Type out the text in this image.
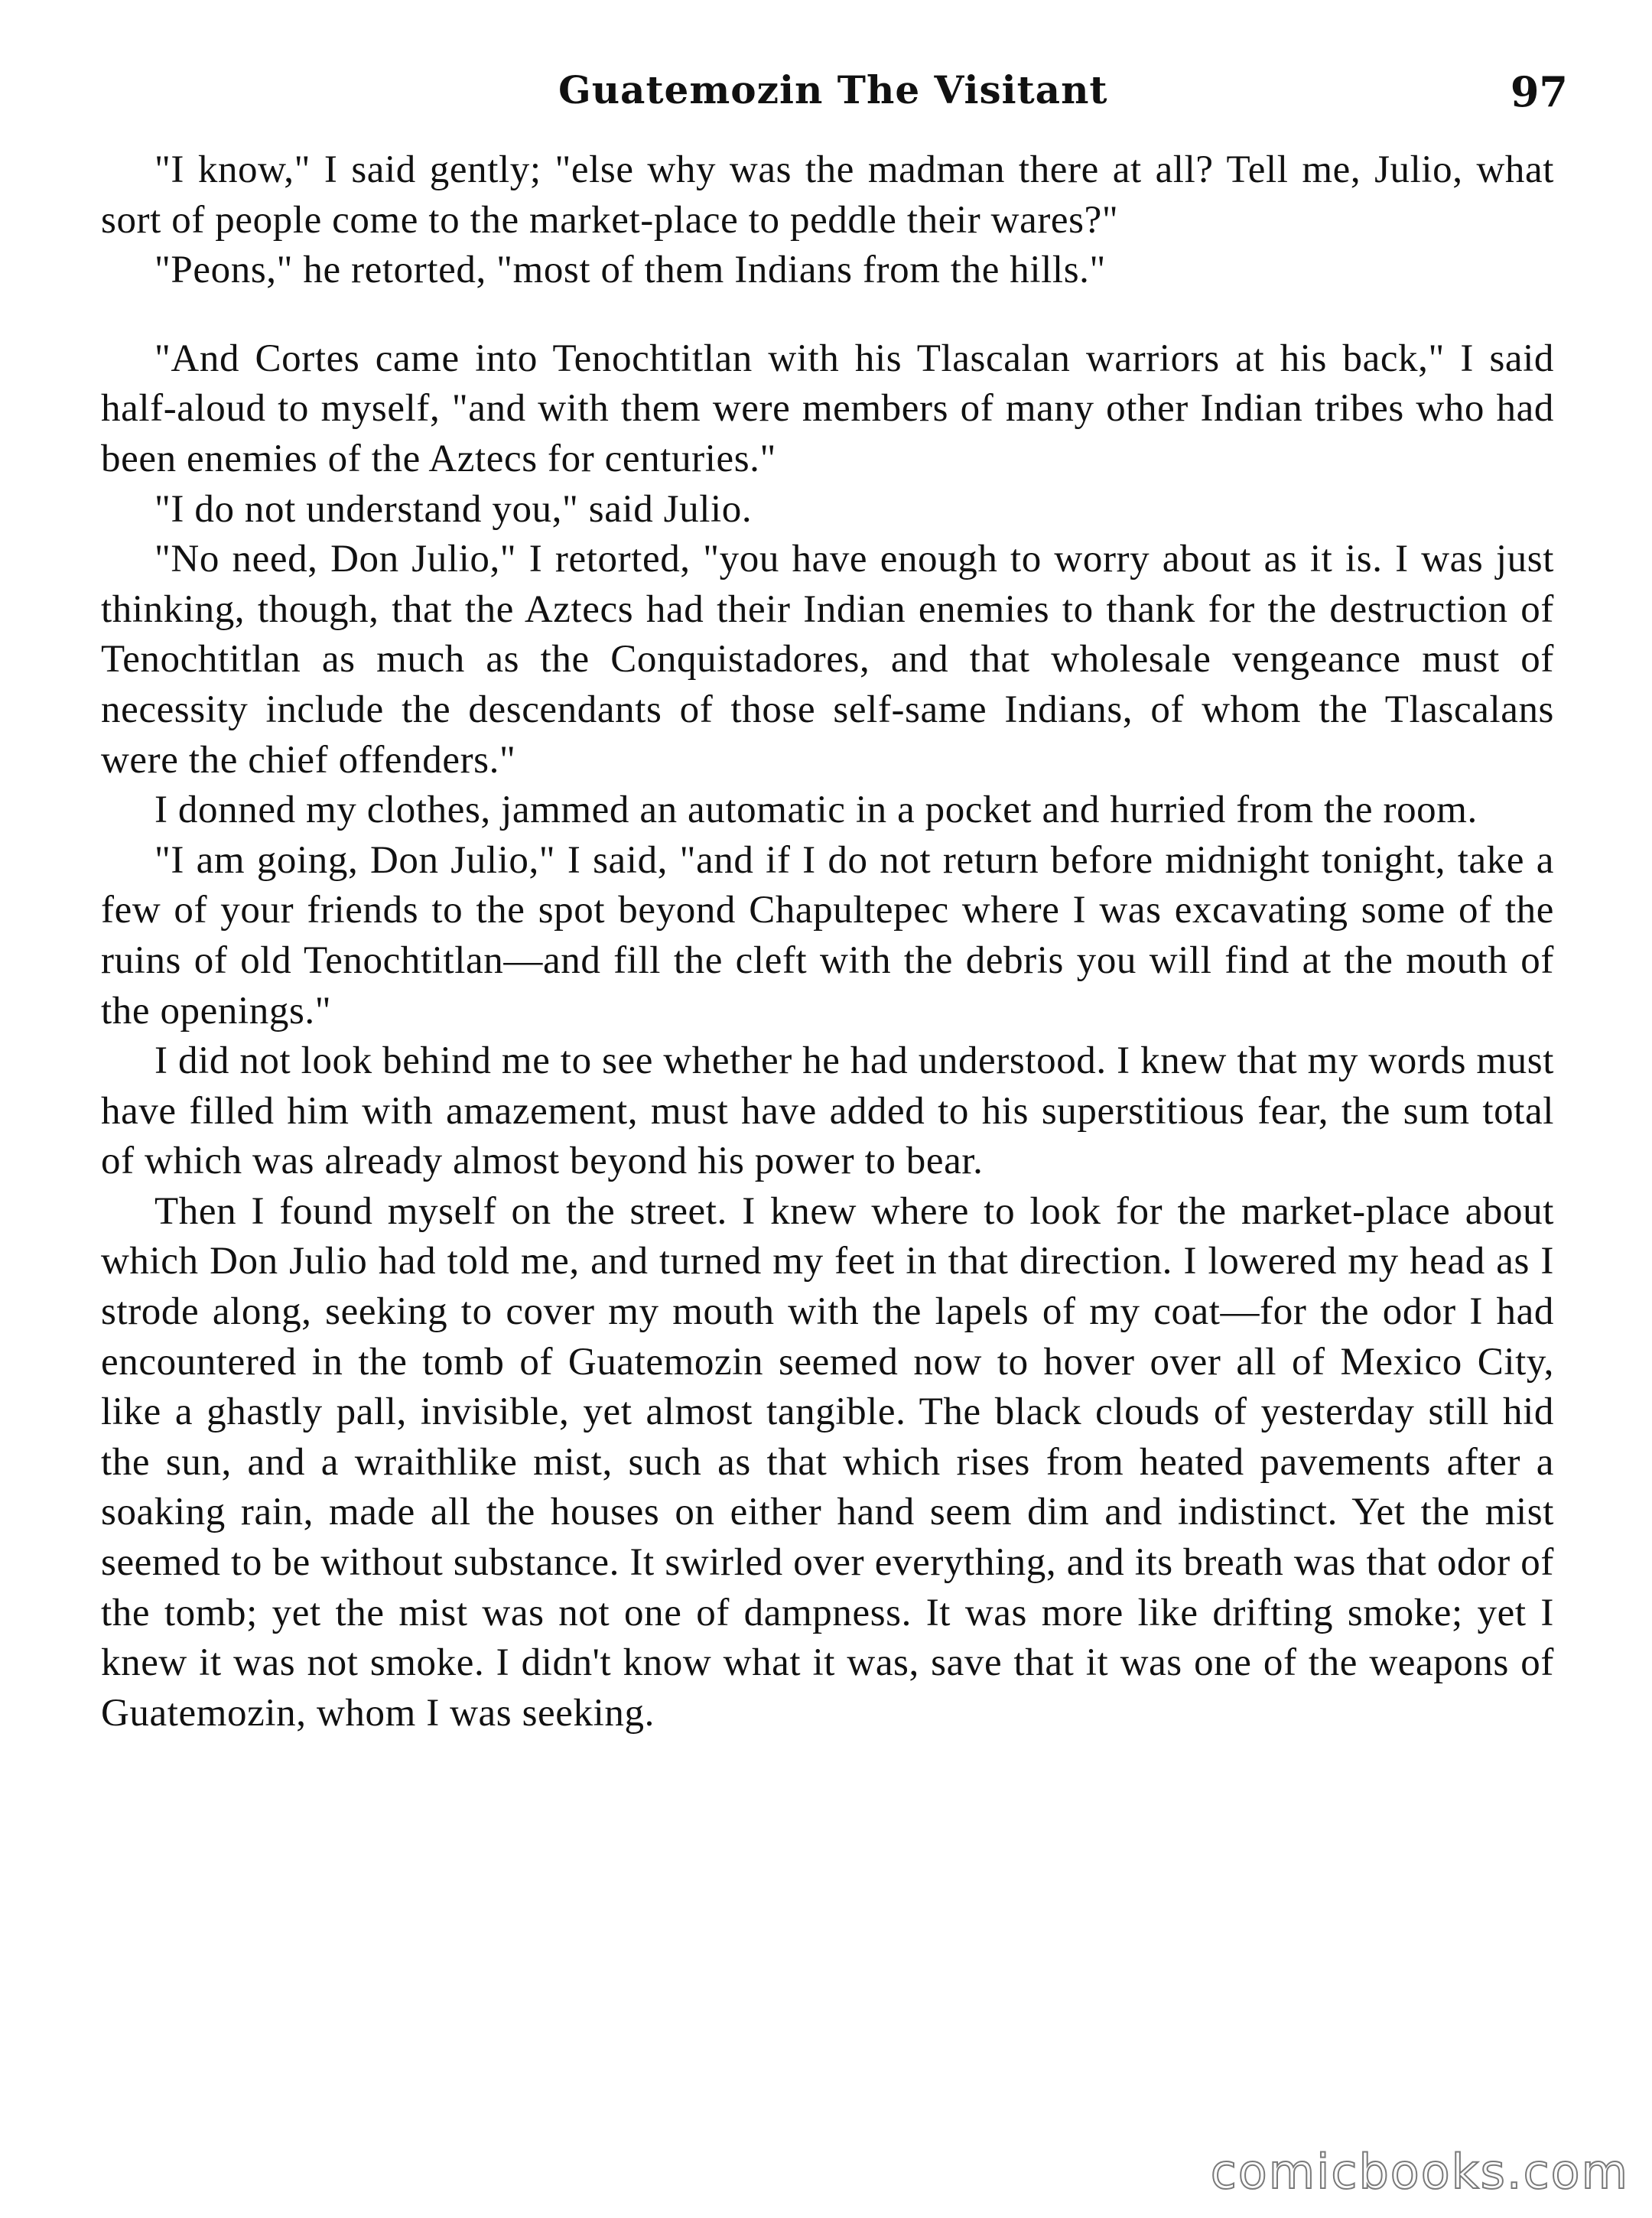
Guatemozin The Visitant	97

"I know," I said gently; "else why was the madman there at all? Tell me, Julio, what sort of people come to the market-place to peddle their wares?"

"Peons," he retorted, "most of them Indians from the hills."

"And Cortes came into Tenochtitlan with his Tlascalan warriors at his back," I said half-aloud to myself, "and with them were members of many other Indian tribes who had been enemies of the Aztecs for centuries."

"I do not understand you," said Julio.

"No need, Don Julio," I retorted, "you have enough to worry about as it is. I was just thinking, though, that the Aztecs had their Indian enemies to thank for the destruction of Tenochtitlan as much as the Conquistadores, and that wholesale vengeance must of necessity include the descendants of those self-same Indians, of whom the Tlascalans were the chief offenders."

I donned my clothes, jammed an automatic in a pocket and hurried from the room.

"I am going, Don Julio," I said, "and if I do not return before midnight tonight, take a few of your friends to the spot beyond Chapultepec where I was excavating some of the ruins of old Tenochtitlan—and fill the cleft with the debris you will find at the mouth of the openings."

I did not look behind me to see whether he had understood. I knew that my words must have filled him with amazement, must have added to his superstitious fear, the sum total of which was already almost beyond his power to bear.

Then I found myself on the street. I knew where to look for the market-place about which Don Julio had told me, and turned my feet in that direction. I lowered my head as I strode along, seeking to cover my mouth with the lapels of my coat—for the odor I had encountered in the tomb of Guatemozin seemed now to hover over all of Mexico City, like a ghastly pall, invisible, yet almost tangible. The black clouds of yesterday still hid the sun, and a wraithlike mist, such as that which rises from heated pavements after a soaking rain, made all the houses on either hand seem dim and indistinct. Yet the mist seemed to be without substance. It swirled over everything, and its breath was that odor of the tomb; yet the mist was not one of dampness. It was more like drifting smoke; yet I knew it was not smoke. I didn't know what it was, save that it was one of the weapons of Guatemozin, whom I was seeking.

comicbooks.com
